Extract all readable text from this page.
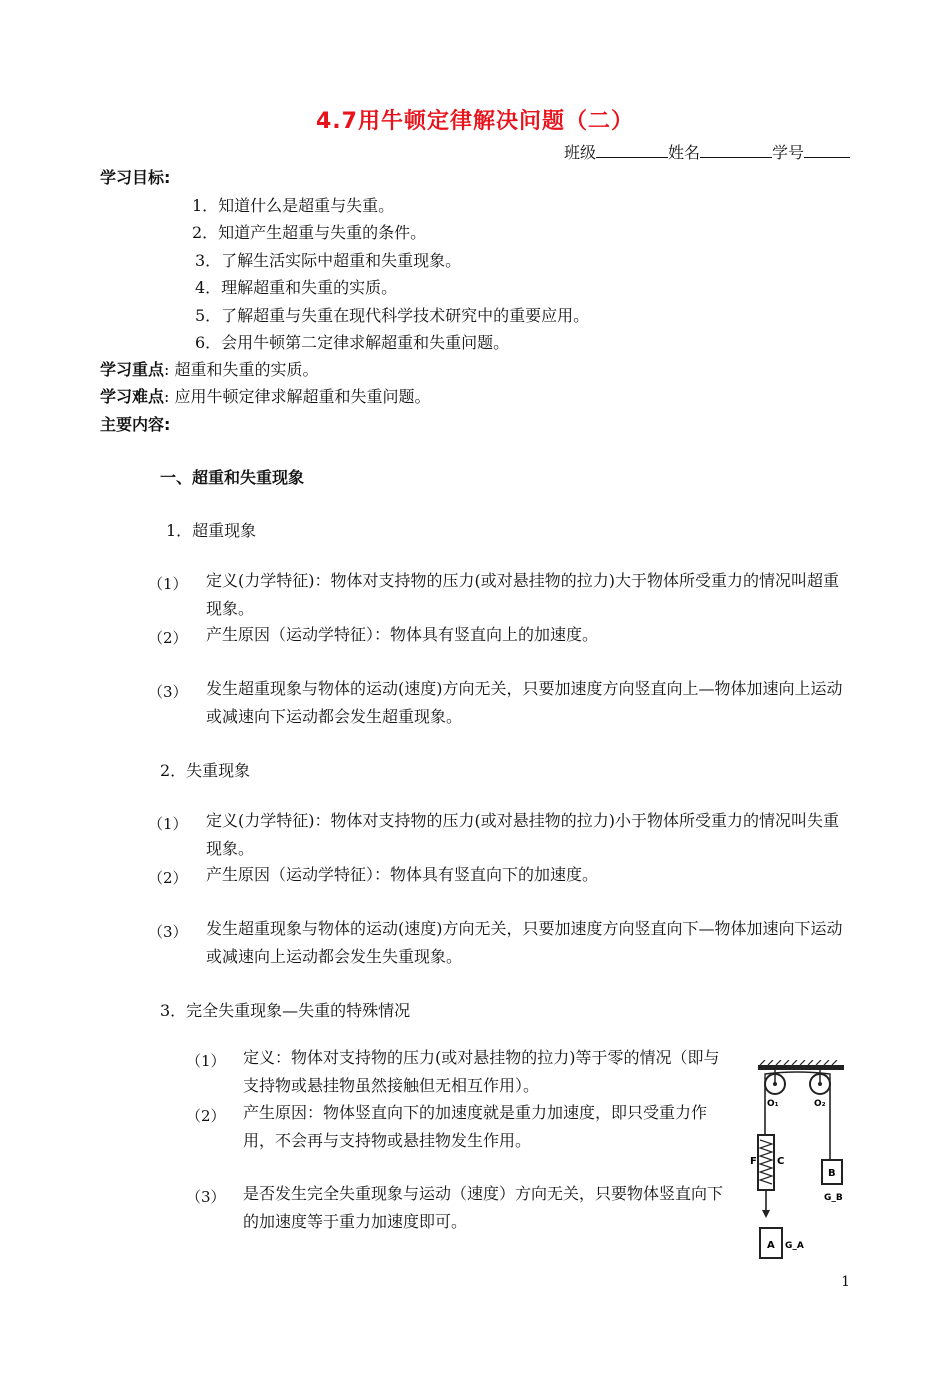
4.7用牛顿定律解决问题（二）
班级	姓名	学号
学习目标:
1．知道什么是超重与失重。
2．知道产生超重与失重的条件。
3．了解生活实际中超重和失重现象。
4．理解超重和失重的实质。
5．了解超重与失重在现代科学技术研究中的重要应用。
6．会用牛顿第二定律求解超重和失重问题。
学习重点: 超重和失重的实质。
学习难点: 应用牛顿定律求解超重和失重问题。
主要内容:
一、超重和失重现象
1．超重现象
（1） 定义(力学特征)：物体对支持物的压力(或对悬挂物的拉力)大于物体所受重力的情况叫超重现象。
（2） 产生原因（运动学特征）：物体具有竖直向上的加速度。
（3） 发生超重现象与物体的运动(速度)方向无关，只要加速度方向竖直向上—物体加速向上运动或减速向下运动都会发生超重现象。
2．失重现象
（1） 定义(力学特征)：物体对支持物的压力(或对悬挂物的拉力)小于物体所受重力的情况叫失重现象。
（2） 产生原因（运动学特征）：物体具有竖直向下的加速度。
（3） 发生超重现象与物体的运动(速度)方向无关，只要加速度方向竖直向下—物体加速向下运动或减速向上运动都会发生失重现象。
3．完全失重现象—失重的特殊情况
（1） 定义：物体对支持物的压力(或对悬挂物的拉力)等于零的情况（即与支持物或悬挂物虽然接触但无相互作用）。
（2） 产生原因：物体竖直向下的加速度就是重力加速度，即只受重力作用，不会再与支持物或悬挂物发生作用。
（3） 是否发生完全失重现象与运动（速度）方向无关，只要物体竖直向下的加速度等于重力加速度即可。
O₁	O₂
F C
B
G_B
A G_A
1
